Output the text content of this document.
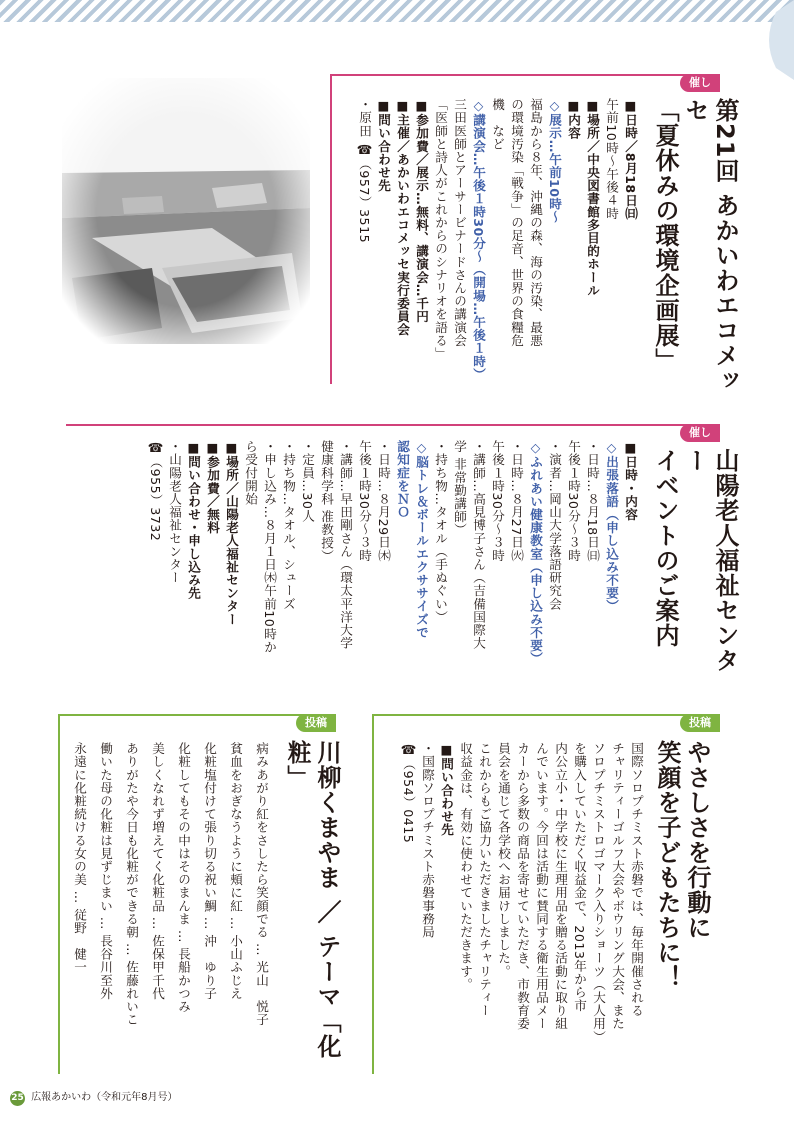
催し

第21回 あかいわエコメッセ

「夏休みの環境企画展」

■日時／8月18日㈰

午前10時～午後４時

■場所／中央図書館多目的ホール

■内容

◇展示…午前10時～

福島から８年、沖縄の森、海の汚染、最悪

の環境汚染「戦争」の足音、世界の食糧危

機　など

◇講演会…午後１時30分～（開場…午後１時）

三田医師とアーサービナードさんの講演会

「医師と詩人がこれからのシナリオを語る」

■参加費／展示…無料、講演会…千円

■主催／あかいわエコメッセ実行委員会

■問い合わせ先

・原田 ☎（957）3515

催し

山陽老人福祉センター

イベントのご案内

■日時・内容

◇出張落語（申し込み不要）

・日時…８月18日㈰

午後１時30分～３時

・演者…岡山大学落語研究会

◇ふれあい健康教室（申し込み不要）

・日時…８月27日㈫

午後１時30分～３時

・講師…高見博子さん（吉備国際大

学 非常勤講師）

・持ち物…タオル（手ぬぐい）

◇脳トレ＆ボールエクササイズで

認知症をＮＯ

・日時…８月29日㈭

午後１時30分～３時

・講師…早田剛さん（環太平洋大学

健康科学科 准教授）

・定員…30人

・持ち物…タオル、シューズ

・申し込み…８月１日㈭午前10時か

ら受付開始

■場所／山陽老人福祉センター

■参加費／無料

■問い合わせ・申し込み先

・山陽老人福祉センター

☎（955）3732

投稿

やさしさを行動に

笑顔を子どもたちに！

国際ソロプチミスト赤磐では、毎年開催される

チャリティーゴルフ大会やボウリング大会、また

ソロプチミストロゴマーク入りショーツ（大人用）

を購入していただく収益金で、2013年から市

内公立小・中学校に生理用品を贈る活動に取り組

んでいます。今回は活動に賛同する衛生用品メー

カーから多数の商品を寄せていただき、市教育委

員会を通じて各学校へお届けしました。

これからもご協力いただきましたチャリティー

収益金は、有効に使わせていただきます。

■問い合わせ先

・国際ソロプチミスト赤磐事務局

☎（954）0415

投稿

川柳くまやま ／ テーマ「化粧」

病みあがり紅をさしたら笑顔でる … 光山　悦子

貧血をおぎなうように頰に紅 … 小山ふじえ

化粧塩付けて張り切る祝い鯛 … 沖　ゆり子

化粧してもその中はそのまんま … 長船かつみ

美しくなれず増えてく化粧品 … 佐保甲千代

ありがたや今日も化粧ができる朝 … 佐藤れいこ

働いた母の化粧は見ずじまい … 長谷川至外

永遠に化粧続ける女の美 … 従野　健一

25 広報あかいわ（令和元年8月号）
